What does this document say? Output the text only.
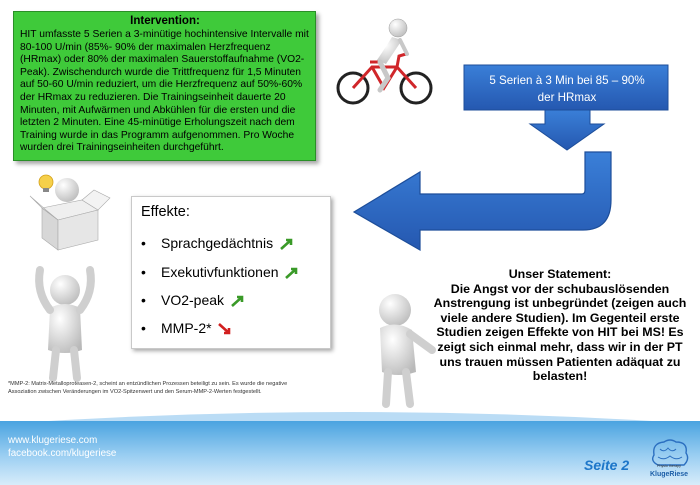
Intervention:
HIT umfasste 5 Serien a 3-minütige hochintensive Intervalle mit 80-100 U/min (85%- 90% der maximalen Herzfrequenz (HRmax) oder 80% der maximalen Sauerstoffaufnahme (VO2-Peak). Zwischendurch wurde die Trittfrequenz für 1,5 Minuten auf 50-60 U/min reduziert, um die Herzfrequenz auf 50%-60% der HRmax zu reduzieren. Die Trainingseinheit dauerte 20 Minuten, mit Aufwärmen und Abkühlen für die ersten und die letzten 2 Minuten. Eine 45-minütige Erholungszeit nach dem Training wurde in das Programm aufgenommen. Pro Woche wurden drei Trainingseinheiten durchgeführt.
5 Serien à 3 Min bei 85 – 90%
der HRmax
Effekte:
• Sprachgedächtnis
• Exekutivfunktionen
• VO2-peak
• MMP-2*
Unser Statement:
Die Angst vor der schubauslösenden Anstrengung ist unbegründet (zeigen auch viele andere Studien). Im Gegenteil erste Studien zeigen Effekte von HIT bei MS! Es zeigt sich einmal mehr, dass wir in der PT uns trauen müssen Patienten adäquat zu belasten!
*MMP-2: Matrix-Metalloproteasen-2, scheint an entzündlichen Prozessen beteiligt zu sein. Es wurde die negative Assoziation zwischen Veränderungen im VO2-Spitzenwert und den Serum-MMP-2-Werten festgestellt.
www.klugeriese.com
facebook.com/klugeriese
Seite 2	Physio therapy
KlugeRiese
